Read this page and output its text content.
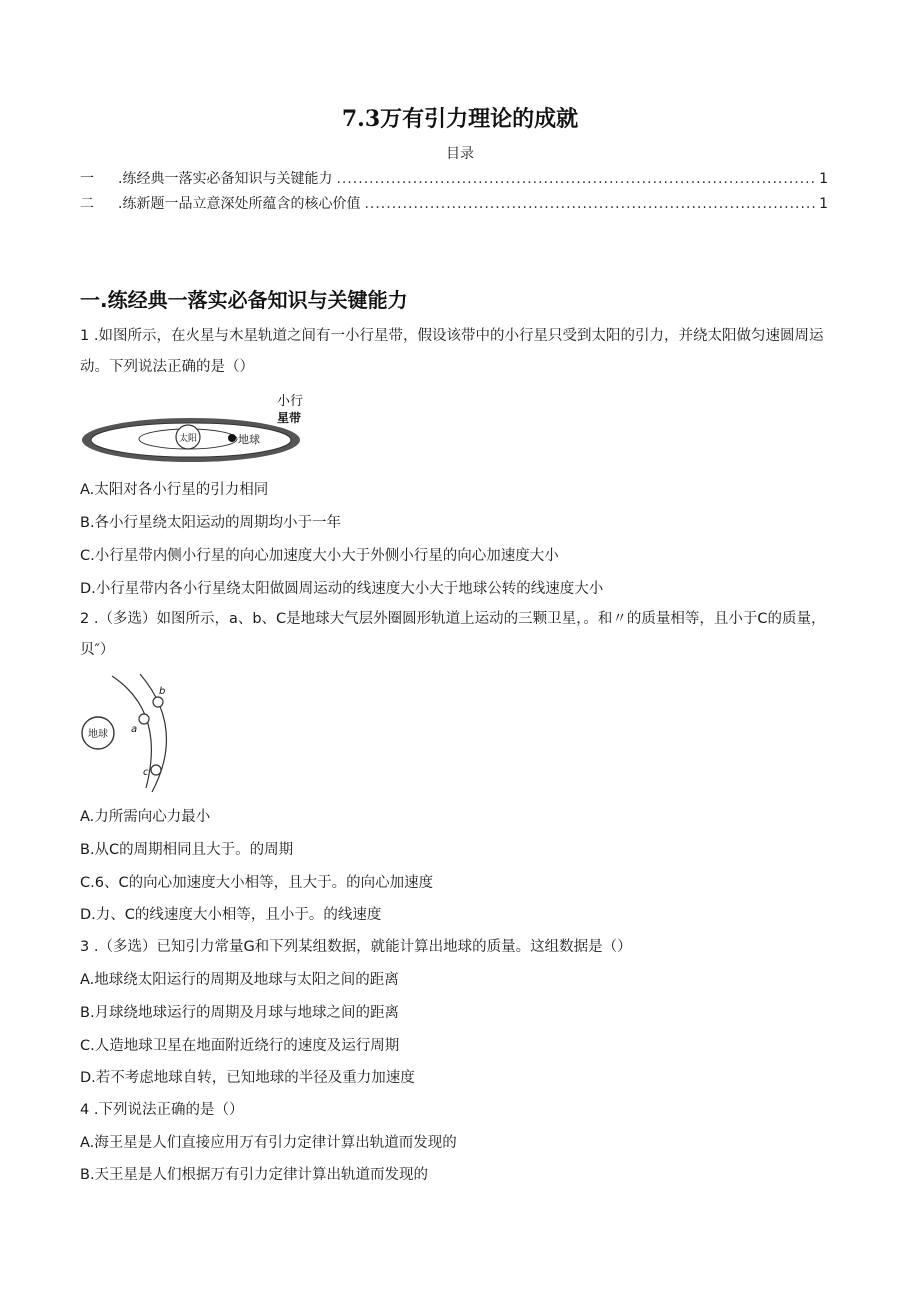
7.3万有引力理论的成就
目录
一	.练经典一落实必备知识与关键能力 .....	1
二	.练新题一品立意深处所蕴含的核心价值 .....	1
一.练经典一落实必备知识与关键能力
1 .如图所示，在火星与木星轨道之间有一小行星带，假设该带中的小行星只受到太阳的引力，并绕太阳做匀速圆周运动。下列说法正确的是（）
太阳	地球
小行
星带
A.太阳对各小行星的引力相同
B.各小行星绕太阳运动的周期均小于一年
C.小行星带内侧小行星的向心加速度大小大于外侧小行星的向心加速度大小
D.小行星带内各小行星绕太阳做圆周运动的线速度大小大于地球公转的线速度大小
2 .（多选）如图所示，a、b、C是地球大气层外圈圆形轨道上运动的三颗卫星，。和〃的质量相等，且小于C的质量，贝″）
地球 a
b
c
A.力所需向心力最小
B.从C的周期相同且大于。的周期
C.6、C的向心加速度大小相等，且大于。的向心加速度
D.力、C的线速度大小相等，且小于。的线速度
3 .（多选）已知引力常量G和下列某组数据，就能计算出地球的质量。这组数据是（）
A.地球绕太阳运行的周期及地球与太阳之间的距离
B.月球绕地球运行的周期及月球与地球之间的距离
C.人造地球卫星在地面附近绕行的速度及运行周期
D.若不考虑地球自转，已知地球的半径及重力加速度
4 .下列说法正确的是（）
A.海王星是人们直接应用万有引力定律计算出轨道而发现的
B.天王星是人们根据万有引力定律计算出轨道而发现的
